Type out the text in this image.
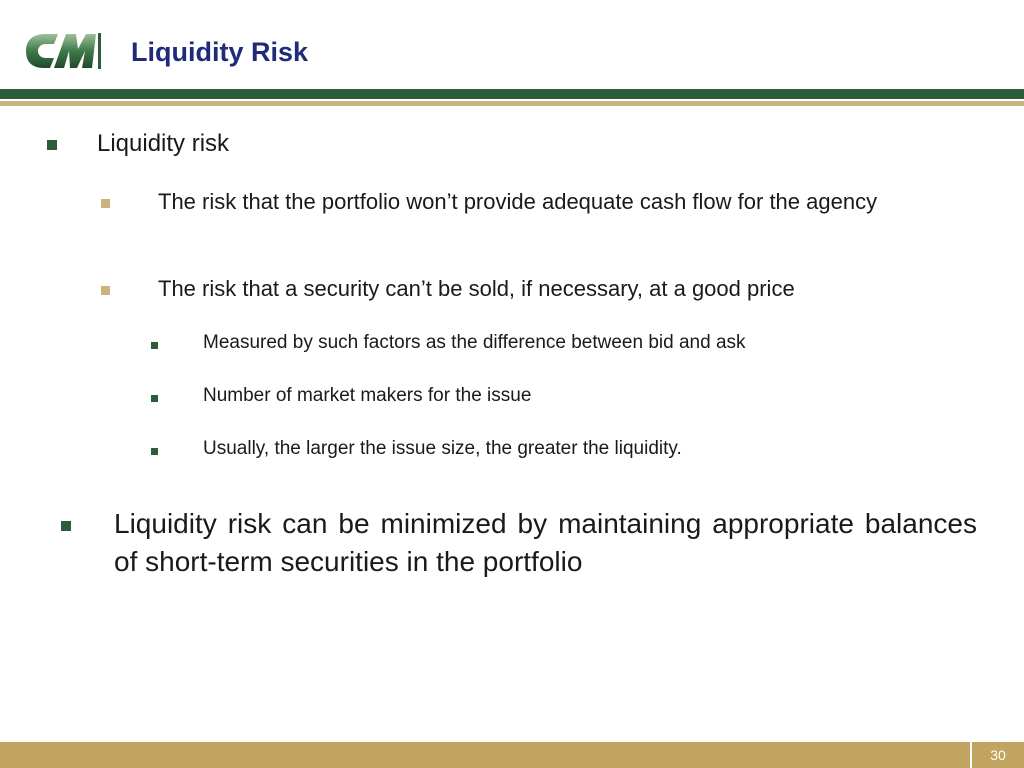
Liquidity Risk
Liquidity risk
The risk that the portfolio won’t provide adequate cash flow for the agency
The risk that a security can’t be sold, if necessary, at a good price
Measured by such factors as the difference between bid and ask
Number of market makers for the issue
Usually, the larger the issue size, the greater the liquidity.
Liquidity risk can be minimized by maintaining appropriate balances of short-term securities in the portfolio
30
